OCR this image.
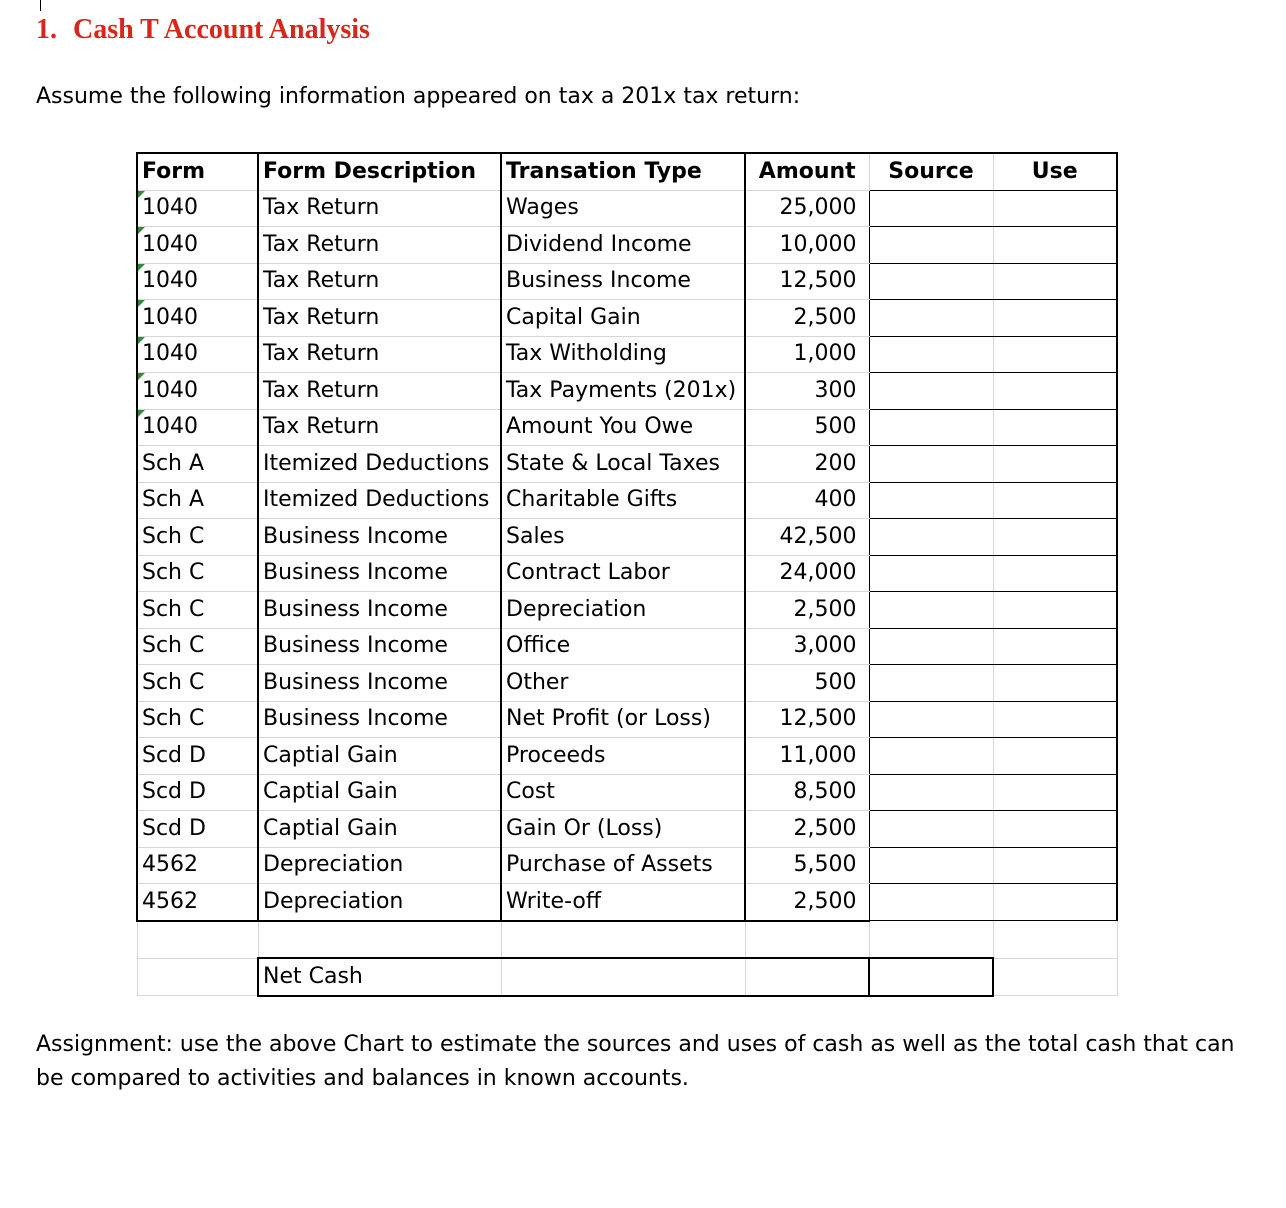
1. Cash T Account Analysis
Assume the following information appeared on tax a 201x tax return:
Form	Form Description	Transation Type	Amount	Source	Use

1040	Tax Return	Wages	25,000		

1040	Tax Return	Dividend Income	10,000		

1040	Tax Return	Business Income	12,500		

1040	Tax Return	Capital Gain	2,500		

1040	Tax Return	Tax Witholding	1,000		

1040	Tax Return	Tax Payments (201x)	300		

1040	Tax Return	Amount You Owe	500		
Sch A	Itemized Deductions	State & Local Taxes	200		
Sch A	Itemized Deductions	Charitable Gifts	400		
Sch C	Business Income	Sales	42,500		
Sch C	Business Income	Contract Labor	24,000		
Sch C	Business Income	Depreciation	2,500		
Sch C	Business Income	Office	3,000		
Sch C	Business Income	Other	500		
Sch C	Business Income	Net Profit (or Loss)	12,500		
Scd D	Captial Gain	Proceeds	11,000		
Scd D	Captial Gain	Cost	8,500		
Scd D	Captial Gain	Gain Or (Loss)	2,500		
4562	Depreciation	Purchase of Assets	5,500		
4562	Depreciation	Write-off	2,500		

	Net Cash				
Assignment: use the above Chart to estimate the sources and uses of cash as well as the total cash that can be compared to activities and balances in known accounts.
